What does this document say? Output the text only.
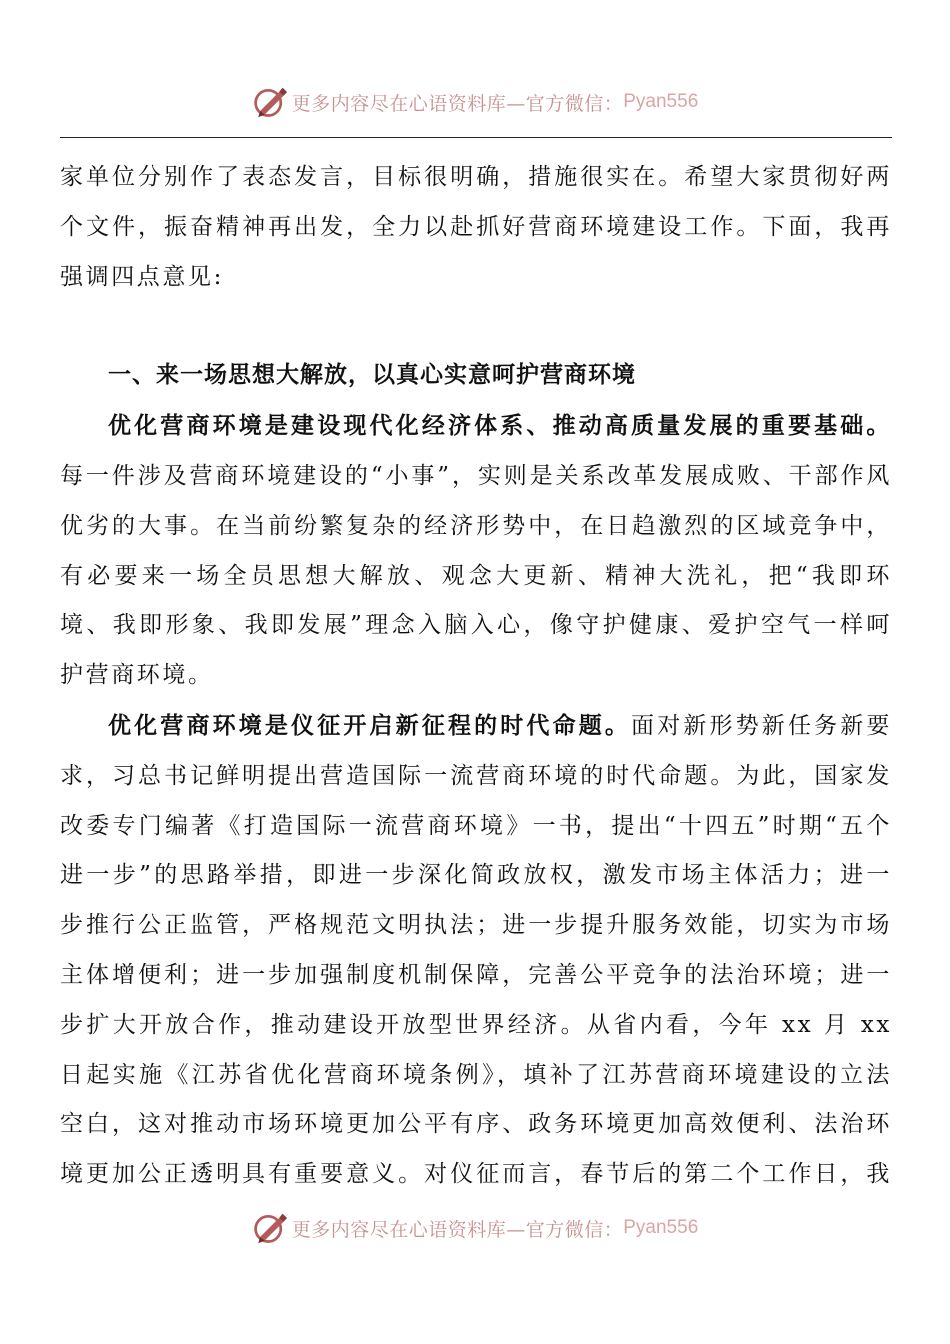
更多内容尽在心语资料库—官方微信： Pyan556

家单位分别作了表态发言，目标很明确，措施很实在。希望大家贯彻好两个文件，振奋精神再出发，全力以赴抓好营商环境建设工作。下面，我再强调四点意见:

一、来一场思想大解放，以真心实意呵护营商环境

优化营商环境是建设现代化经济体系、推动高质量发展的重要基础。每一件涉及营商环境建设的“小事”，实则是关系改革发展成败、干部作风优劣的大事。在当前纷繁复杂的经济形势中，在日趋激烈的区域竞争中，有必要来一场全员思想大解放、观念大更新、精神大洗礼，把“我即环境、我即形象、我即发展”理念入脑入心，像守护健康、爱护空气一样呵护营商环境。

优化营商环境是仪征开启新征程的时代命题。面对新形势新任务新要求，习总书记鲜明提出营造国际一流营商环境的时代命题。为此，国家发改委专门编著《打造国际一流营商环境》一书，提出“十四五”时期“五个进一步”的思路举措，即进一步深化简政放权，激发市场主体活力；进一步推行公正监管，严格规范文明执法；进一步提升服务效能，切实为市场主体增便利；进一步加强制度机制保障，完善公平竞争的法治环境；进一步扩大开放合作，推动建设开放型世界经济。从省内看，今年 xx 月 xx 日起实施《江苏省优化营商环境条例》，填补了江苏营商环境建设的立法空白，这对推动市场环境更加公平有序、政务环境更加高效便利、法治环境更加公正透明具有重要意义。对仪征而言，春节后的第二个工作日，我

更多内容尽在心语资料库—官方微信： Pyan556
